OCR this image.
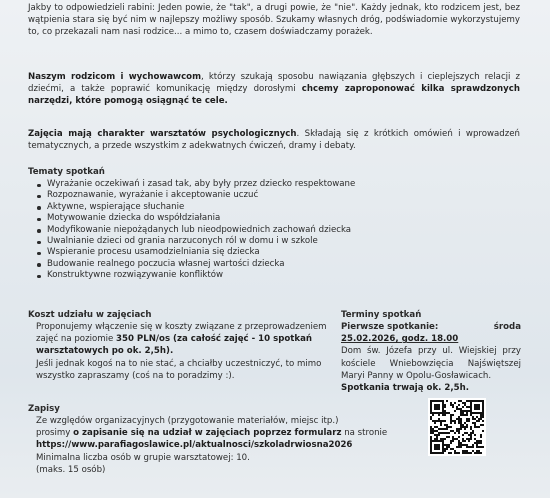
Jakby to odpowiedzieli rabini: Jeden powie, że "tak", a drugi powie, że "nie". Każdy jednak, kto rodzicem jest, bez wątpienia stara się być nim w najlepszy możliwy sposób. Szukamy własnych dróg, podświadomie wykorzystujemy to, co przekazali nam nasi rodzice... a mimo to, czasem doświadczamy porażek.

Naszym rodzicom i wychowawcom, którzy szukają sposobu nawiązania głębszych i cieplejszych relacji z dziećmi, a także poprawić komunikację między dorosłymi chcemy zaproponować kilka sprawdzonych narzędzi, które pomogą osiągnąć te cele.

Zajęcia mają charakter warsztatów psychologicznych. Składają się z krótkich omówień i wprowadzeń tematycznych, a przede wszystkim z adekwatnych ćwiczeń, dramy i debaty.

Tematy spotkań

Wyrażanie oczekiwań i zasad tak, aby były przez dziecko respektowane
Rozpoznawanie, wyrażanie i akceptowanie uczuć
Aktywne, wspierające słuchanie
Motywowanie dziecka do współdziałania
Modyfikowanie niepożądanych lub nieodpowiednich zachowań dziecka
Uwalnianie dzieci od grania narzuconych ról w domu i w szkole
Wspieranie procesu usamodzielniania się dziecka
Budowanie realnego poczucia własnej wartości dziecka
Konstruktywne rozwiązywanie konfliktów

Koszt udziału w zajęciach

Proponujemy włączenie się w koszty związane z przeprowadzeniem zajęć na poziomie 350 PLN/os (za całość zajęć - 10 spotkań warsztatowych po ok. 2,5h).

Jeśli jednak kogoś na to nie stać, a chciałby uczestniczyć, to mimo wszystko zapraszamy (coś na to poradzimy :).

Terminy spotkań

Pierwsze spotkanie:	środa

25.02.2026, godz. 18.00

Dom św. Józefa przy ul. Wiejskiej przy kościele Wniebowzięcia Najświętszej Maryi Panny w Opolu-Gosławicach.

Spotkania trwają ok. 2,5h.

Zapisy

Ze względów organizacyjnych (przygotowanie materiałów, miejsc itp.)

prosimy o zapisanie się na udział w zajęciach poprzez formularz na stronie

https://www.parafiagoslawice.pl/aktualnosci/szkoladrwiosna2026

Minimalna liczba osób w grupie warsztatowej: 10.

(maks. 15 osób)
